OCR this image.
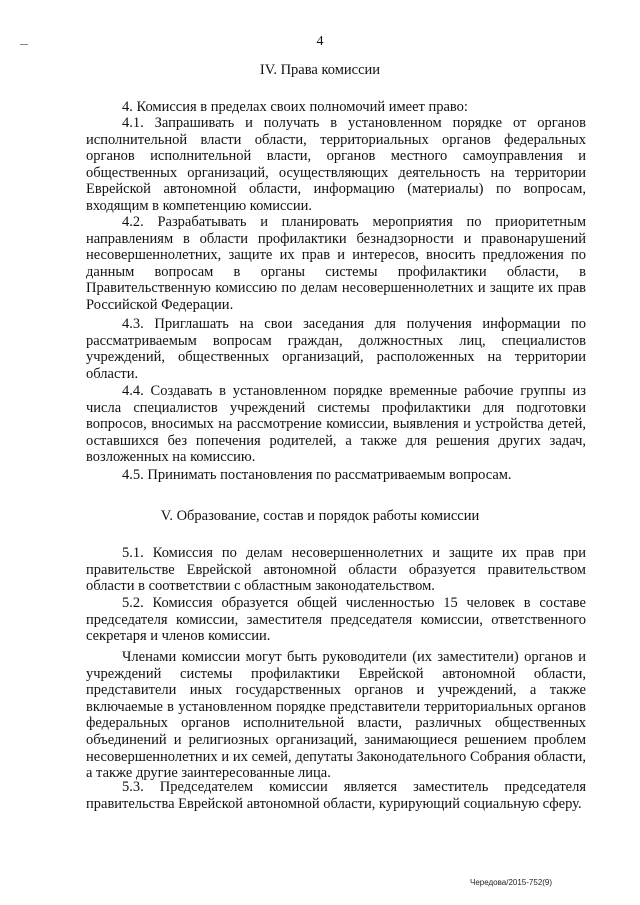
4
IV. Права комиссии
4. Комиссия в пределах своих полномочий имеет право:
4.1. Запрашивать и получать в установленном порядке от органов исполнительной власти области, территориальных органов федеральных органов исполнительной власти, органов местного самоуправления и общественных организаций, осуществляющих деятельность на территории Еврейской автономной области, информацию (материалы) по вопросам, входящим в компетенцию комиссии.
4.2. Разрабатывать и планировать мероприятия по приоритетным направлениям в области профилактики безнадзорности и правонарушений несовершеннолетних, защите их прав и интересов, вносить предложения по данным вопросам в органы системы профилактики области, в Правительственную комиссию по делам несовершеннолетних и защите их прав Российской Федерации.
4.3. Приглашать на свои заседания для получения информации по рассматриваемым вопросам граждан, должностных лиц, специалистов учреждений, общественных организаций, расположенных на территории области.
4.4. Создавать в установленном порядке временные рабочие группы из числа специалистов учреждений системы профилактики для подготовки вопросов, вносимых на рассмотрение комиссии, выявления и устройства детей, оставшихся без попечения родителей, а также для решения других задач, возложенных на комиссию.
4.5. Принимать постановления по рассматриваемым вопросам.
V. Образование, состав и порядок работы комиссии
5.1. Комиссия по делам несовершеннолетних и защите их прав при правительстве Еврейской автономной области образуется правительством области в соответствии с областным законодательством.
5.2. Комиссия образуется общей численностью 15 человек в составе председателя комиссии, заместителя председателя комиссии, ответственного секретаря и членов комиссии.
Членами комиссии могут быть руководители (их заместители) органов и учреждений системы профилактики Еврейской автономной области, представители иных государственных органов и учреждений, а также включаемые в установленном порядке представители территориальных органов федеральных органов исполнительной власти, различных общественных объединений и религиозных организаций, занимающиеся решением проблем несовершеннолетних и их семей, депутаты Законодательного Собрания области, а также другие заинтересованные лица.
5.3. Председателем комиссии является заместитель председателя правительства Еврейской автономной области, курирующий социальную сферу.
Чередова/2015-752(9)
